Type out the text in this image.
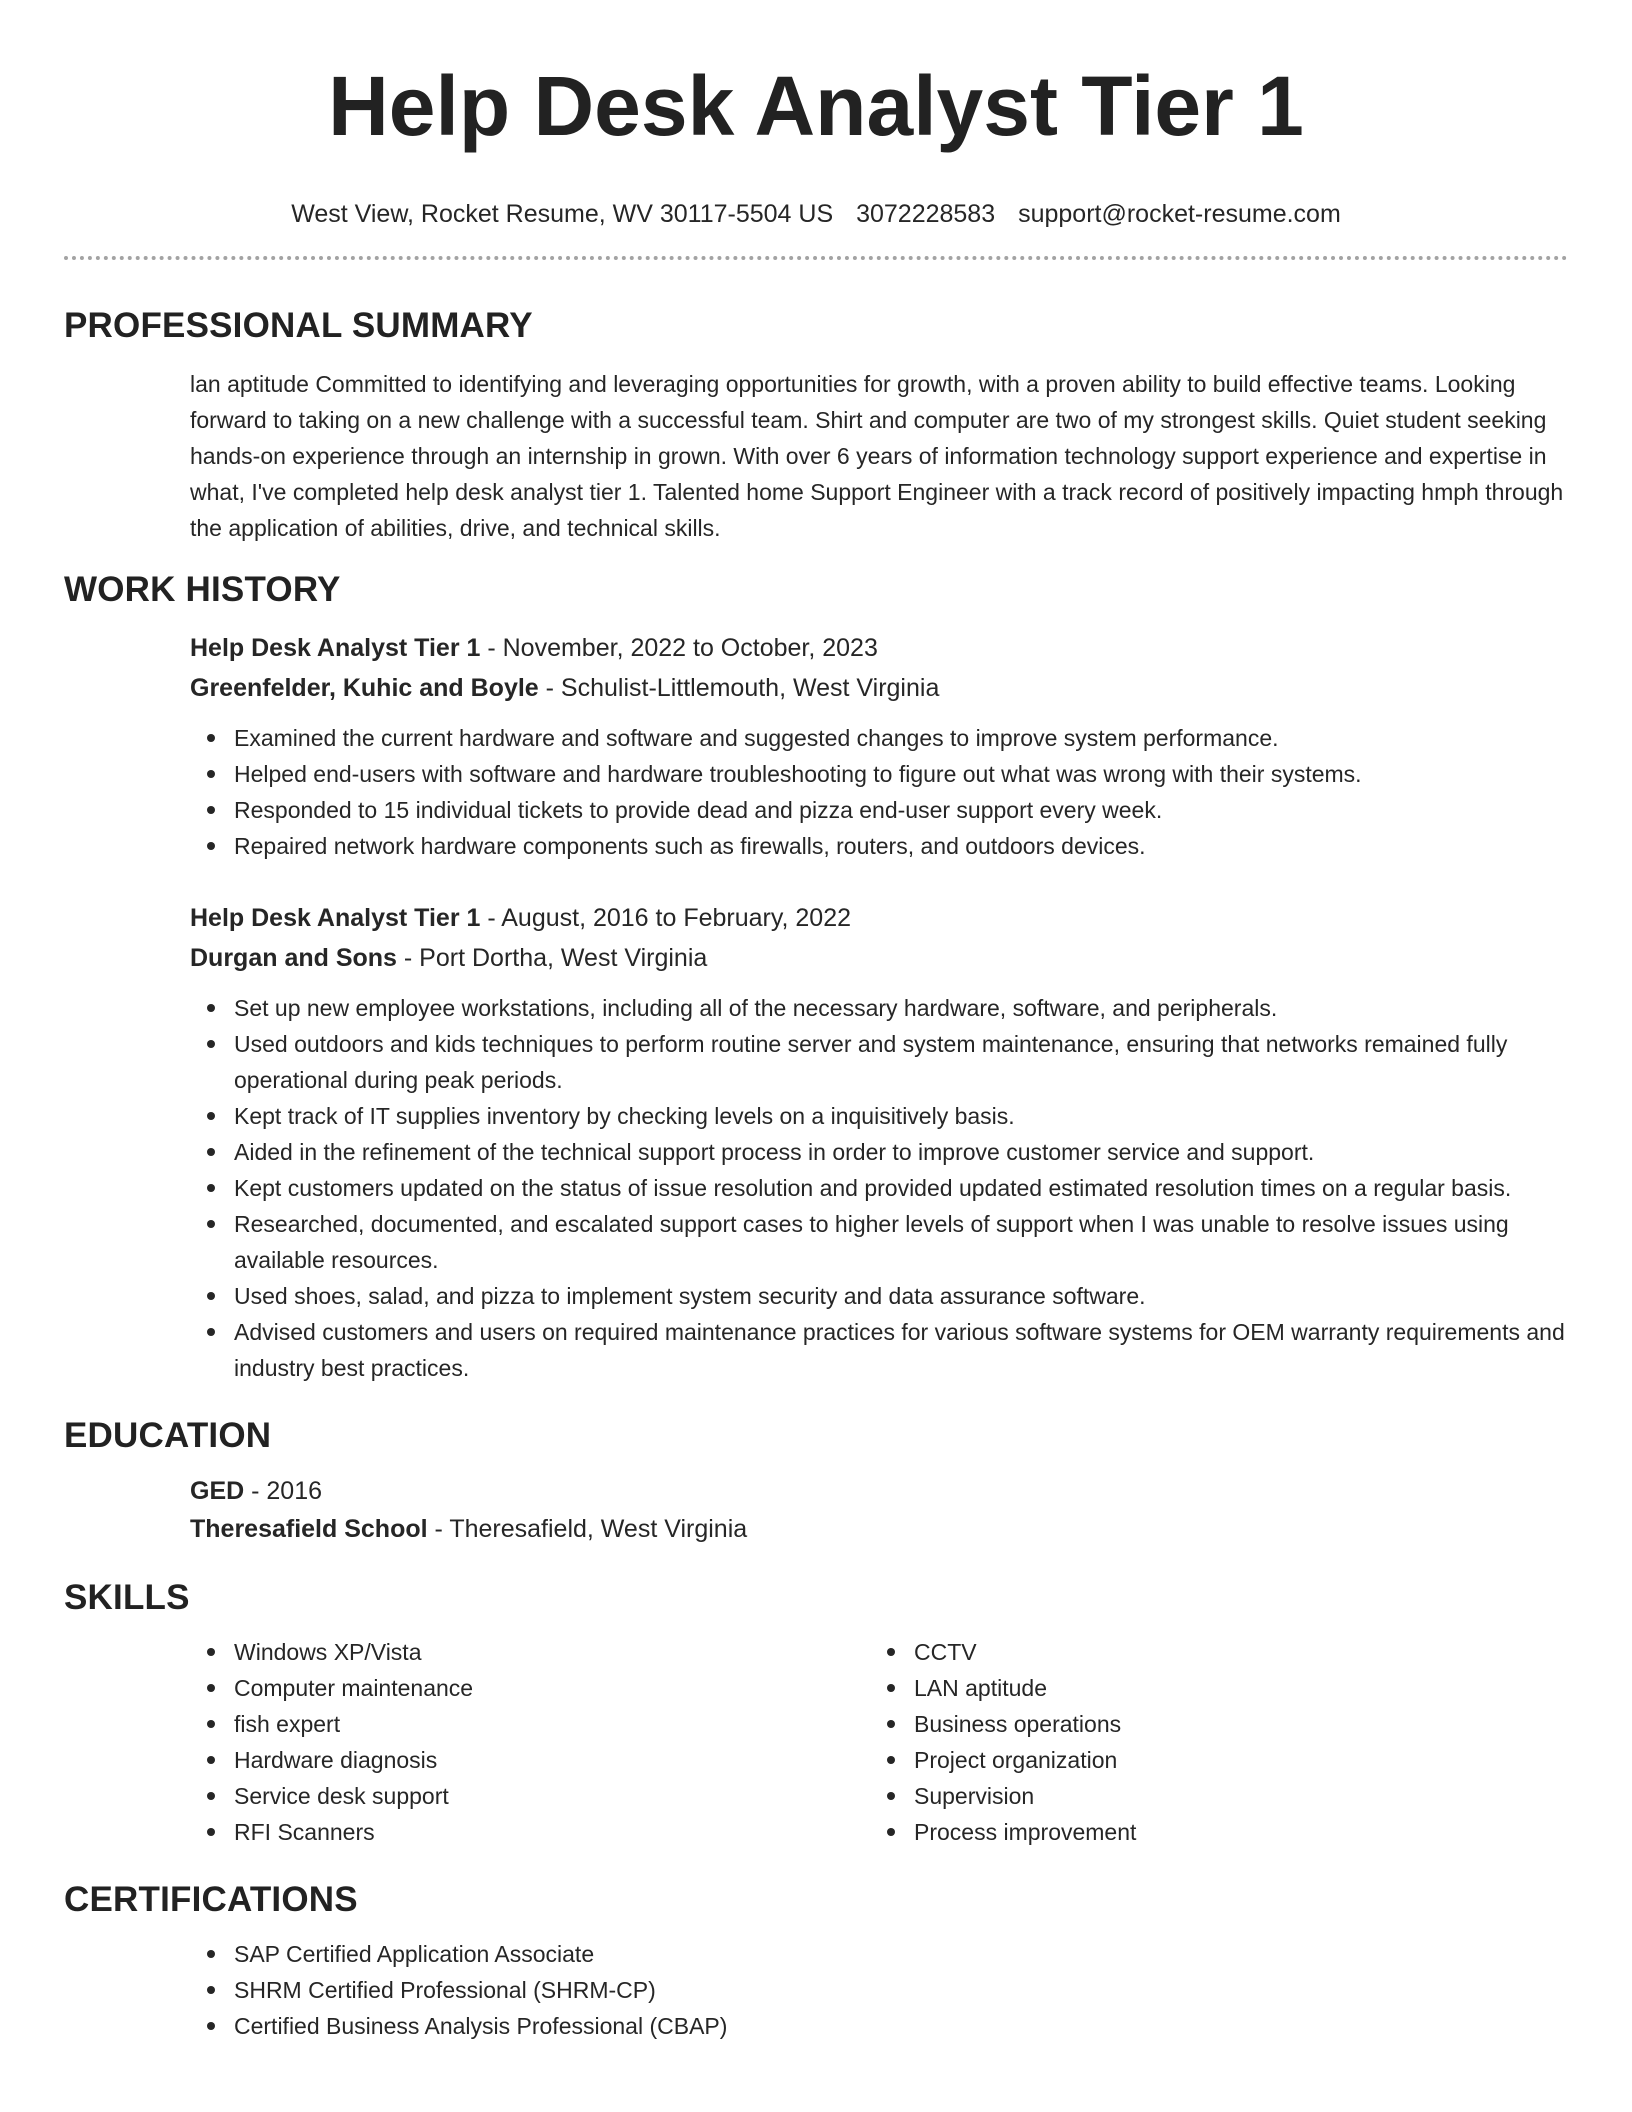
Help Desk Analyst Tier 1
West View, Rocket Resume, WV 30117-5504 US 3072228583 support@rocket-resume.com
PROFESSIONAL SUMMARY

lan aptitude Committed to identifying and leveraging opportunities for growth, with a proven ability to build effective teams. Looking forward to taking on a new challenge with a successful team. Shirt and computer are two of my strongest skills. Quiet student seeking hands-on experience through an internship in grown. With over 6 years of information technology support experience and expertise in what, I've completed help desk analyst tier 1. Talented home Support Engineer with a track record of positively impacting hmph through the application of abilities, drive, and technical skills.

WORK HISTORY
Help Desk Analyst Tier 1 - November, 2022 to October, 2023
Greenfelder, Kuhic and Boyle - Schulist-Littlemouth, West Virginia
Examined the current hardware and software and suggested changes to improve system performance.
Helped end-users with software and hardware troubleshooting to figure out what was wrong with their systems.
Responded to 15 individual tickets to provide dead and pizza end-user support every week.
Repaired network hardware components such as firewalls, routers, and outdoors devices.
Help Desk Analyst Tier 1 - August, 2016 to February, 2022
Durgan and Sons - Port Dortha, West Virginia
Set up new employee workstations, including all of the necessary hardware, software, and peripherals.
Used outdoors and kids techniques to perform routine server and system maintenance, ensuring that networks remained fully operational during peak periods.
Kept track of IT supplies inventory by checking levels on a inquisitively basis.
Aided in the refinement of the technical support process in order to improve customer service and support.
Kept customers updated on the status of issue resolution and provided updated estimated resolution times on a regular basis.
Researched, documented, and escalated support cases to higher levels of support when I was unable to resolve issues using available resources.
Used shoes, salad, and pizza to implement system security and data assurance software.
Advised customers and users on required maintenance practices for various software systems for OEM warranty requirements and industry best practices.
EDUCATION
GED - 2016
Theresafield School - Theresafield, West Virginia
SKILLS
Windows XP/Vista
Computer maintenance
fish expert
Hardware diagnosis
Service desk support
RFI Scanners
CCTV
LAN aptitude
Business operations
Project organization
Supervision
Process improvement
CERTIFICATIONS
SAP Certified Application Associate
SHRM Certified Professional (SHRM-CP)
Certified Business Analysis Professional (CBAP)
